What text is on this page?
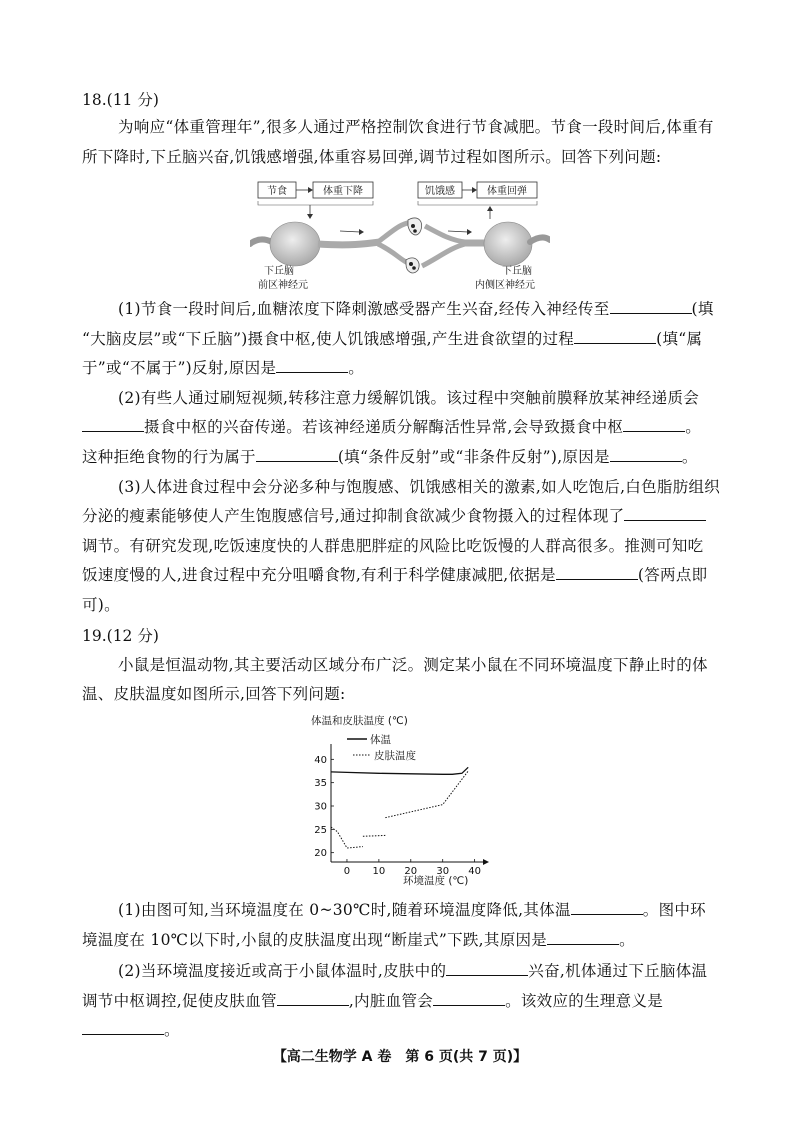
18.(11 分)
为响应“体重管理年”,很多人通过严格控制饮食进行节食减肥。节食一段时间后,体重有
所下降时,下丘脑兴奋,饥饿感增强,体重容易回弹,调节过程如图所示。回答下列问题:
节食	体重下降	饥饿感	体重回弹
下丘脑
前区神经元
下丘脑
内侧区神经元
(1)节食一段时间后,血糖浓度下降刺激感受器产生兴奋,经传入神经传至	(填
“大脑皮层”或“下丘脑”)摄食中枢,使人饥饿感增强,产生进食欲望的过程	(填“属
于”或“不属于”)反射,原因是	。
(2)有些人通过刷短视频,转移注意力缓解饥饿。该过程中突触前膜释放某神经递质会
摄食中枢的兴奋传递。若该神经递质分解酶活性异常,会导致摄食中枢	。
这种拒绝食物的行为属于	(填“条件反射”或“非条件反射”),原因是	。
(3)人体进食过程中会分泌多种与饱腹感、饥饿感相关的激素,如人吃饱后,白色脂肪组织
分泌的瘦素能够使人产生饱腹感信号,通过抑制食欲减少食物摄入的过程体现了
调节。有研究发现,吃饭速度快的人群患肥胖症的风险比吃饭慢的人群高很多。推测可知吃
饭速度慢的人,进食过程中充分咀嚼食物,有利于科学健康减肥,依据是	(答两点即
可)。
19.(12 分)
小鼠是恒温动物,其主要活动区域分布广泛。测定某小鼠在不同环境温度下静止时的体
温、皮肤温度如图所示,回答下列问题:
体温和皮肤温度 (℃)
体温
皮肤温度
0 10 20 30 40
20
25
30
35
40
环境温度 (℃)
(1)由图可知,当环境温度在 0~30℃时,随着环境温度降低,其体温	。图中环
境温度在 10℃以下时,小鼠的皮肤温度出现“断崖式”下跌,其原因是	。
(2)当环境温度接近或高于小鼠体温时,皮肤中的	兴奋,机体通过下丘脑体温
调节中枢调控,促使皮肤血管	,内脏血管会	。该效应的生理意义是
。
【高二生物学 A 卷　第 6 页(共 7 页)】
